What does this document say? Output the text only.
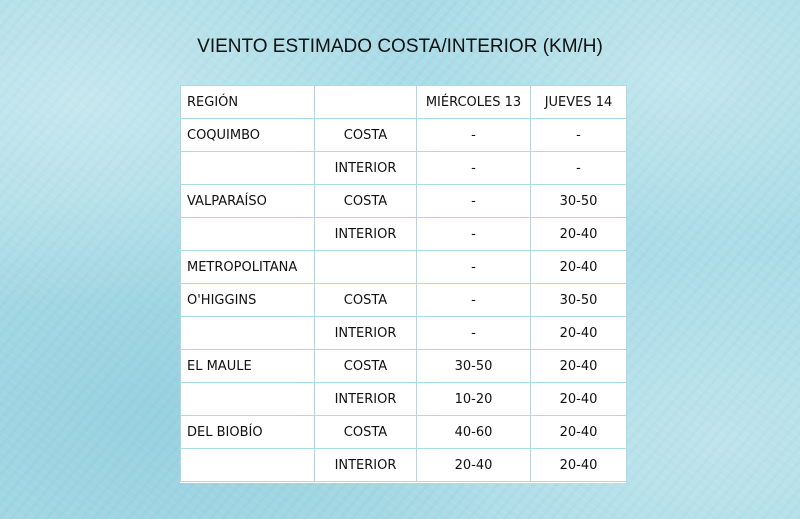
VIENTO ESTIMADO COSTA/INTERIOR (KM/H)
REGIÓN		MIÉRCOLES 13	JUEVES 14
COQUIMBO	COSTA	-	-
	INTERIOR	-	-
VALPARAÍSO	COSTA	-	30-50
	INTERIOR	-	20-40
METROPOLITANA		-	20-40
O'HIGGINS	COSTA	-	30-50
	INTERIOR	-	20-40
EL MAULE	COSTA	30-50	20-40
	INTERIOR	10-20	20-40
DEL BIOBÍO	COSTA	40-60	20-40
	INTERIOR	20-40	20-40
